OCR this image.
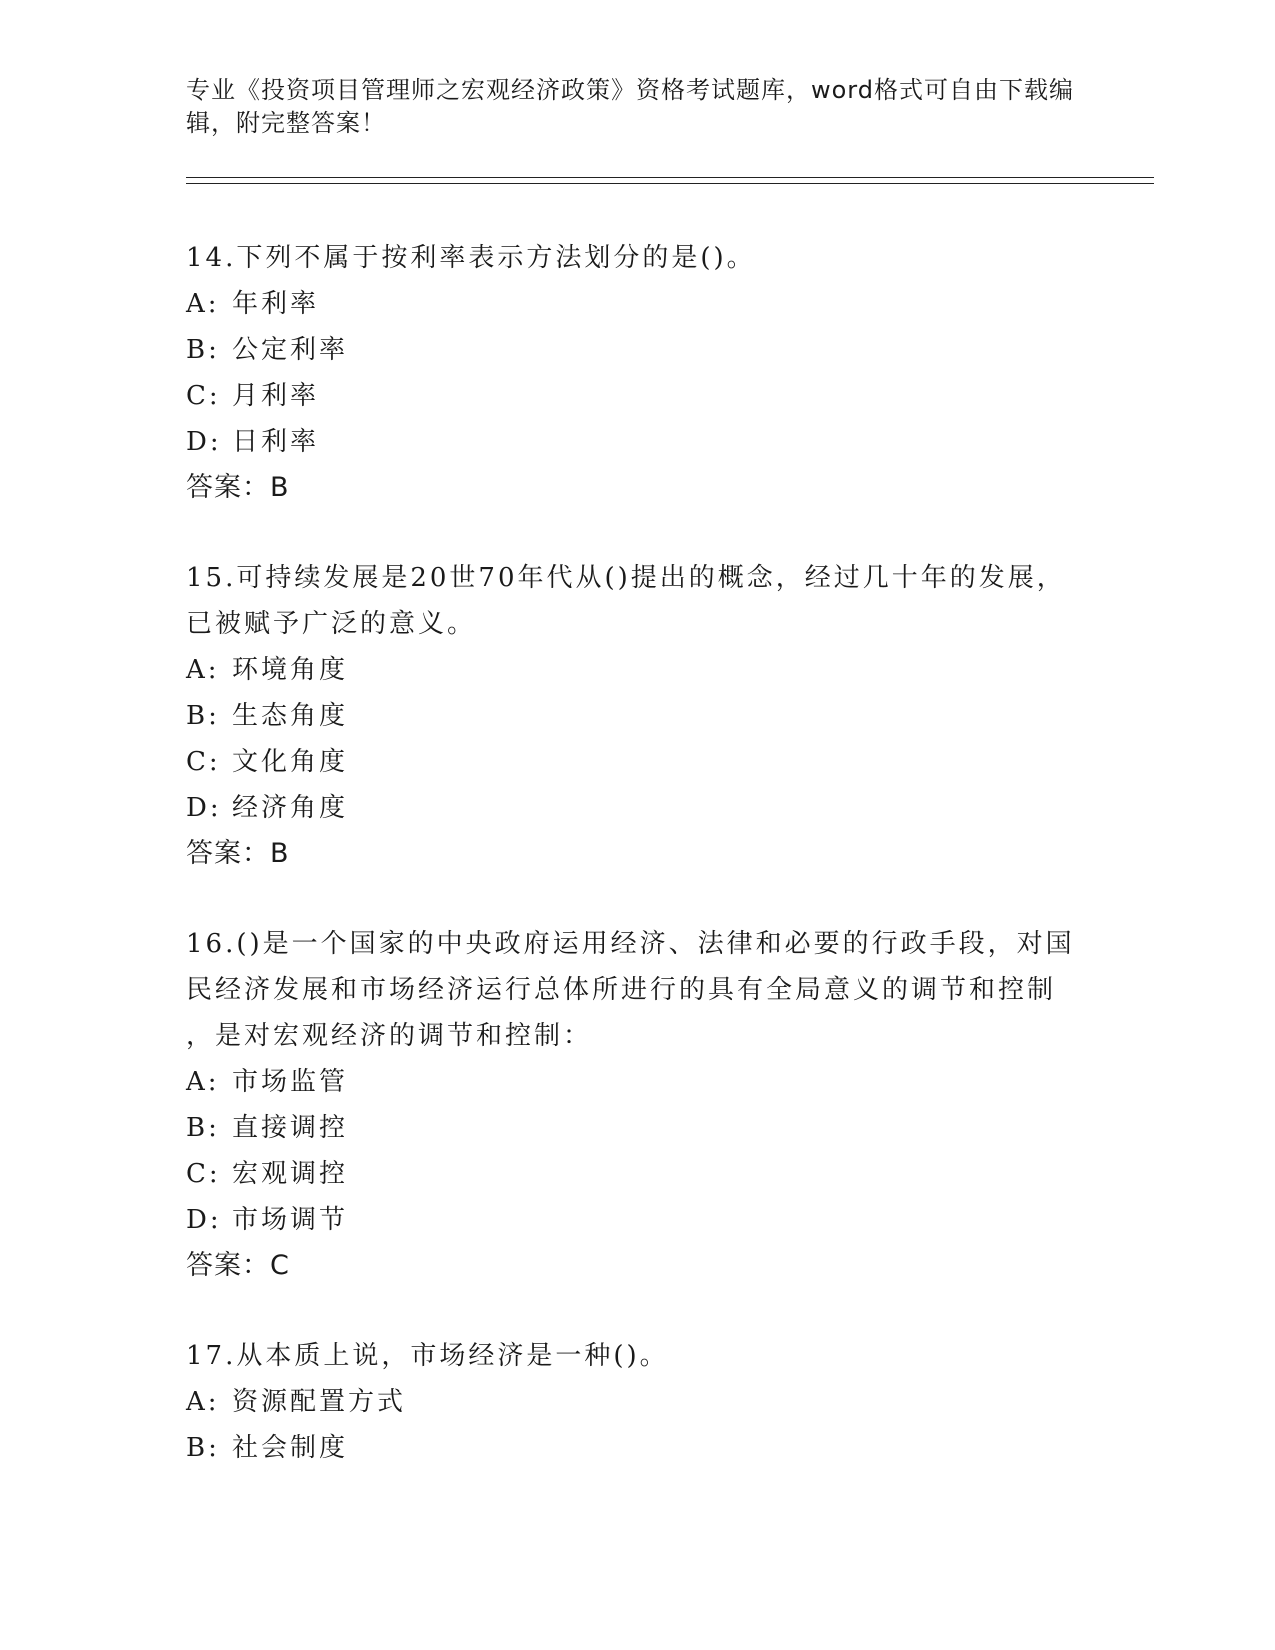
专业《投资项目管理师之宏观经济政策》资格考试题库，word格式可自由下载编
辑，附完整答案！
14.下列不属于按利率表示方法划分的是()。
A: 年利率
B: 公定利率
C: 月利率
D: 日利率
答案：B
15.可持续发展是20世70年代从()提出的概念，经过几十年的发展，
已被赋予广泛的意义。
A: 环境角度
B: 生态角度
C: 文化角度
D: 经济角度
答案：B
16.()是一个国家的中央政府运用经济、法律和必要的行政手段，对国
民经济发展和市场经济运行总体所进行的具有全局意义的调节和控制
，是对宏观经济的调节和控制：
A: 市场监管
B: 直接调控
C: 宏观调控
D: 市场调节
答案：C
17.从本质上说，市场经济是一种()。
A: 资源配置方式
B: 社会制度
